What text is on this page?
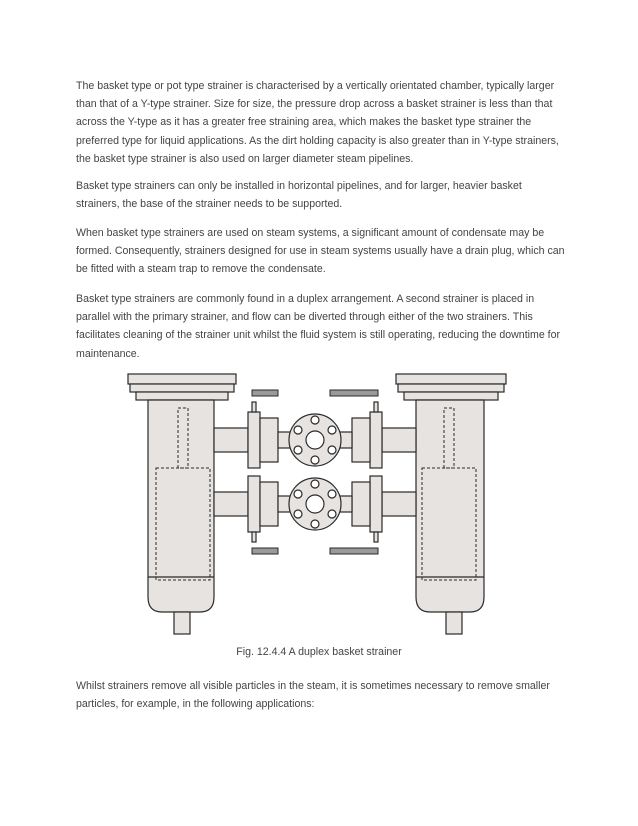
The basket type or pot type strainer is characterised by a vertically orientated chamber, typically larger than that of a Y-type strainer. Size for size, the pressure drop across a basket strainer is less than that across the Y-type as it has a greater free straining area, which makes the basket type strainer the preferred type for liquid applications. As the dirt holding capacity is also greater than in Y-type strainers, the basket type strainer is also used on larger diameter steam pipelines.

Basket type strainers can only be installed in horizontal pipelines, and for larger, heavier basket strainers, the base of the strainer needs to be supported.

When basket type strainers are used on steam systems, a significant amount of condensate may be formed. Consequently, strainers designed for use in steam systems usually have a drain plug, which can be fitted with a steam trap to remove the condensate.

Basket type strainers are commonly found in a duplex arrangement. A second strainer is placed in parallel with the primary strainer, and flow can be diverted through either of the two strainers. This facilitates cleaning of the strainer unit whilst the fluid system is still operating, reducing the downtime for maintenance.

Fig. 12.4.4 A duplex basket strainer

Whilst strainers remove all visible particles in the steam, it is sometimes necessary to remove smaller particles, for example, in the following applications:
